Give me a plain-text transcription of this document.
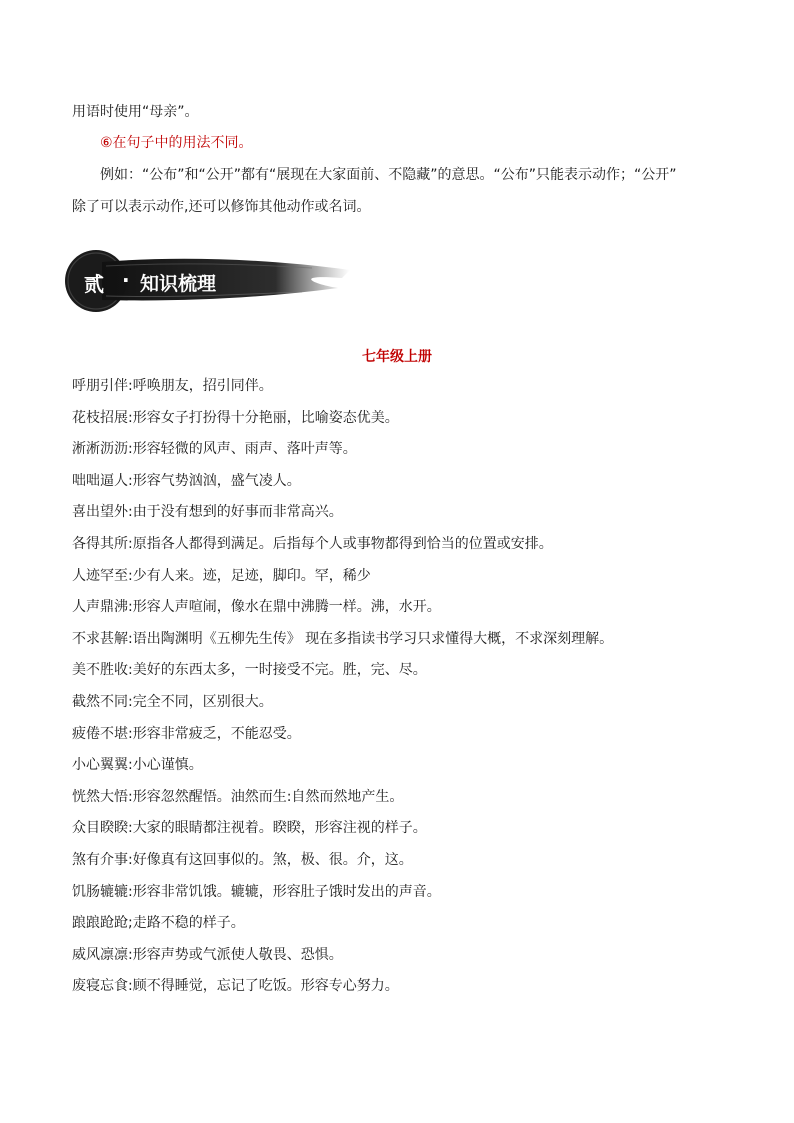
用语时使用“母亲”。
⑥在句子中的用法不同。
例如：“公布”和“公开”都有“展现在大家面前、不隐藏”的意思。“公布”只能表示动作；“公开”
除了可以表示动作,还可以修饰其他动作或名词。
贰 · 知识梳理
七年级上册
呼朋引伴:呼唤朋友，招引同伴。
花枝招展:形容女子打扮得十分艳丽，比喻姿态优美。
淅淅沥沥:形容轻微的风声、雨声、落叶声等。
咄咄逼人:形容气势汹汹，盛气凌人。
喜出望外:由于没有想到的好事而非常高兴。
各得其所:原指各人都得到满足。后指每个人或事物都得到恰当的位置或安排。
人迹罕至:少有人来。迹，足迹，脚印。罕，稀少
人声鼎沸:形容人声喧闹，像水在鼎中沸腾一样。沸，水开。
不求甚解:语出陶渊明《五柳先生传》 现在多指读书学习只求懂得大概，不求深刻理解。
美不胜收:美好的东西太多，一时接受不完。胜，完、尽。
截然不同:完全不同，区别很大。
疲倦不堪:形容非常疲乏，不能忍受。
小心翼翼:小心谨慎。
恍然大悟:形容忽然醒悟。油然而生:自然而然地产生。
众目睽睽:大家的眼睛都注视着。睽睽，形容注视的样子。
煞有介事:好像真有这回事似的。煞，极、很。介，这。
饥肠辘辘:形容非常饥饿。辘辘，形容肚子饿时发出的声音。
踉踉跄跄;走路不稳的样子。
威风凛凛:形容声势或气派使人敬畏、恐惧。
废寝忘食:顾不得睡觉，忘记了吃饭。形容专心努力。
